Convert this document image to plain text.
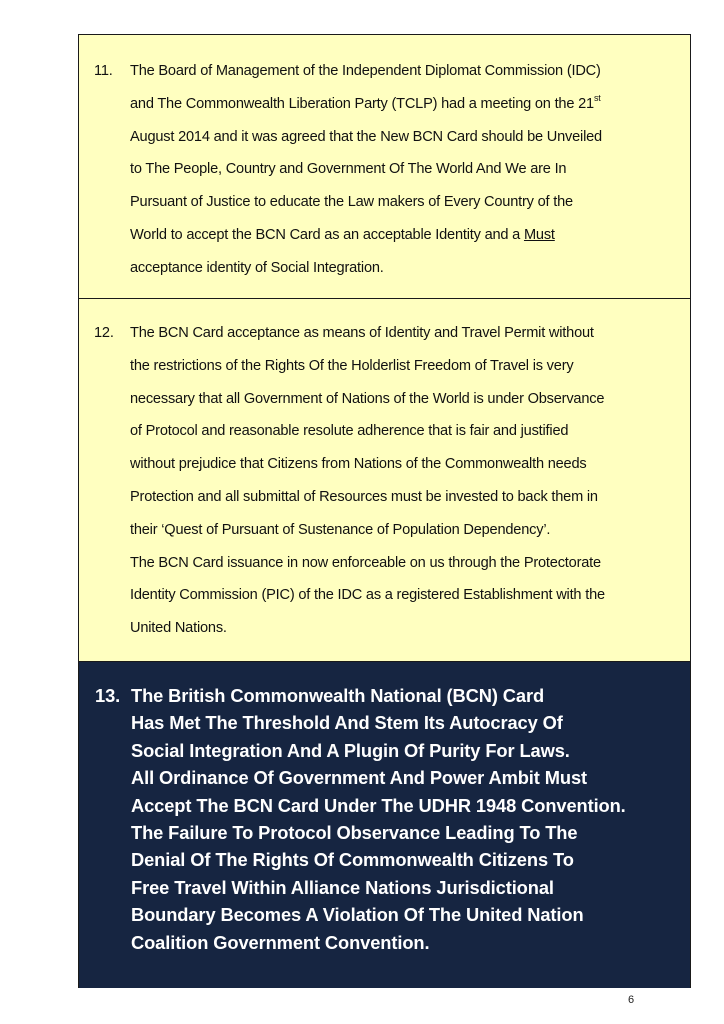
11.	The Board of Management of the Independent Diplomat Commission (IDC)
and The Commonwealth Liberation Party (TCLP) had a meeting on the 21st
August 2014 and it was agreed that the New BCN Card should be Unveiled
to The People, Country and Government Of The World And We are In
Pursuant of Justice to educate the Law makers of Every Country of the
World to accept the BCN Card as an acceptable Identity and a Must
acceptance identity of Social Integration.
12.	The BCN Card acceptance as means of Identity and Travel Permit without
the restrictions of the Rights Of the Holderlist Freedom of Travel is very
necessary that all Government of Nations of the World is under Observance
of Protocol and reasonable resolute adherence that is fair and justified
without prejudice that Citizens from Nations of the Commonwealth needs
Protection and all submittal of Resources must be invested to back them in
their ‘Quest of Pursuant of Sustenance of Population Dependency’.
The BCN Card issuance in now enforceable on us through the Protectorate
Identity Commission (PIC) of the IDC as a registered Establishment with the
United Nations.
13. The British Commonwealth National (BCN) Card
Has Met The Threshold And Stem Its Autocracy Of
Social Integration And A Plugin Of Purity For Laws.
All Ordinance Of Government And Power Ambit Must
Accept The BCN Card Under The UDHR 1948 Convention.
The Failure To Protocol Observance Leading To The
Denial Of The Rights Of Commonwealth Citizens To
Free Travel Within Alliance Nations Jurisdictional
Boundary Becomes A Violation Of The United Nation
Coalition Government Convention.
6
